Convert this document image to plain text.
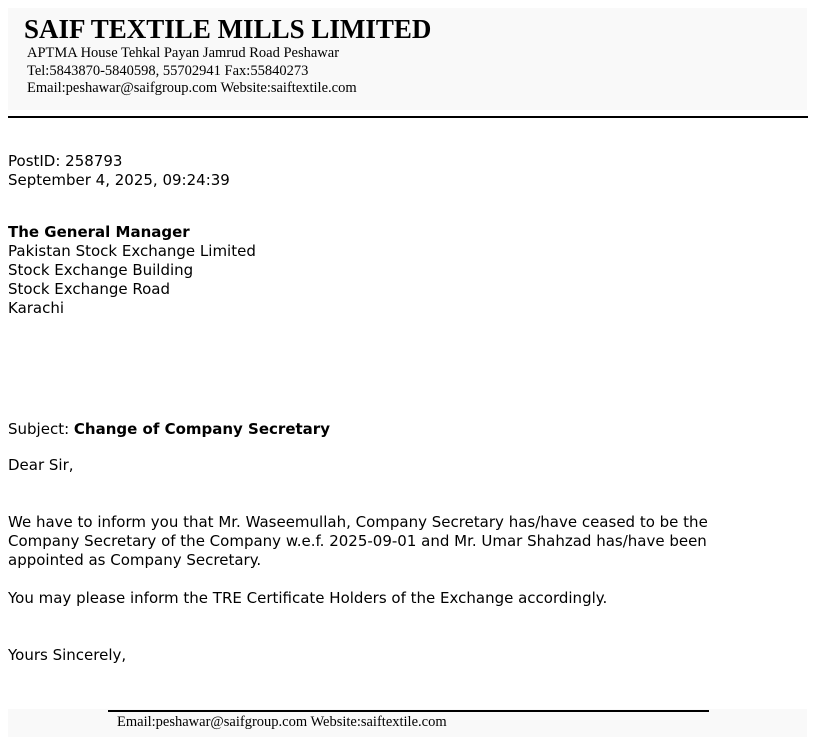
SAIF TEXTILE MILLS LIMITED
APTMA House Tehkal Payan Jamrud Road Peshawar
Tel:5843870-5840598, 55702941 Fax:55840273
Email:peshawar@saifgroup.com Website:saiftextile.com
PostID: 258793
September 4, 2025, 09:24:39
The General Manager
Pakistan Stock Exchange Limited
Stock Exchange Building
Stock Exchange Road
Karachi
Subject: Change of Company Secretary
Dear Sir,
We have to inform you that Mr. Waseemullah, Company Secretary has/have ceased to be the
Company Secretary of the Company w.e.f. 2025-09-01 and Mr. Umar Shahzad has/have been
appointed as Company Secretary.
You may please inform the TRE Certificate Holders of the Exchange accordingly.
Yours Sincerely,
Email:peshawar@saifgroup.com Website:saiftextile.com
